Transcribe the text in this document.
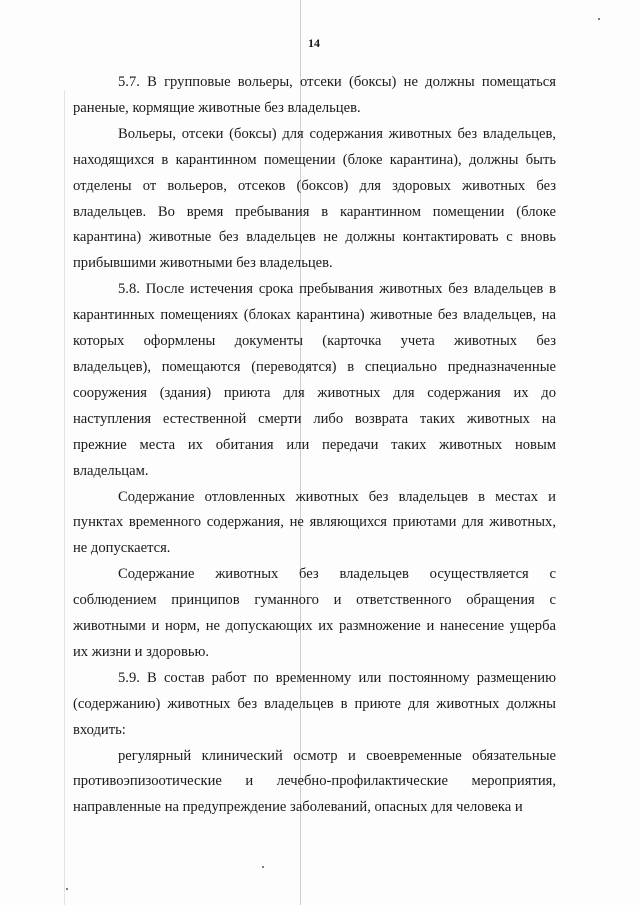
14

5.7. В групповые вольеры, отсеки (боксы) не должны помещаться
раненые, кормящие животные без владельцев.

Вольеры, отсеки (боксы) для содержания животных без владельцев,
находящихся в карантинном помещении (блоке карантина), должны быть
отделены от вольеров, отсеков (боксов) для здоровых животных без
владельцев. Во время пребывания в карантинном помещении (блоке
карантина) животные без владельцев не должны контактировать с вновь
прибывшими животными без владельцев.

5.8. После истечения срока пребывания животных без владельцев в
карантинных помещениях (блоках карантина) животные без владельцев, на
которых оформлены документы (карточка учета животных без
владельцев), помещаются (переводятся) в специально предназначенные
сооружения (здания) приюта для животных для содержания их до
наступления естественной смерти либо возврата таких животных на
прежние места их обитания или передачи таких животных новым
владельцам.

Содержание отловленных животных без владельцев в местах и
пунктах временного содержания, не являющихся приютами для животных,
не допускается.

Содержание животных без владельцев осуществляется с
соблюдением принципов гуманного и ответственного обращения с
животными и норм, не допускающих их размножение и нанесение ущерба
их жизни и здоровью.

5.9. В состав работ по временному или постоянному размещению
(содержанию) животных без владельцев в приюте для животных должны
входить:

регулярный клинический осмотр и своевременные обязательные
противоэпизоотические и лечебно-профилактические мероприятия,
направленные на предупреждение заболеваний, опасных для человека и
